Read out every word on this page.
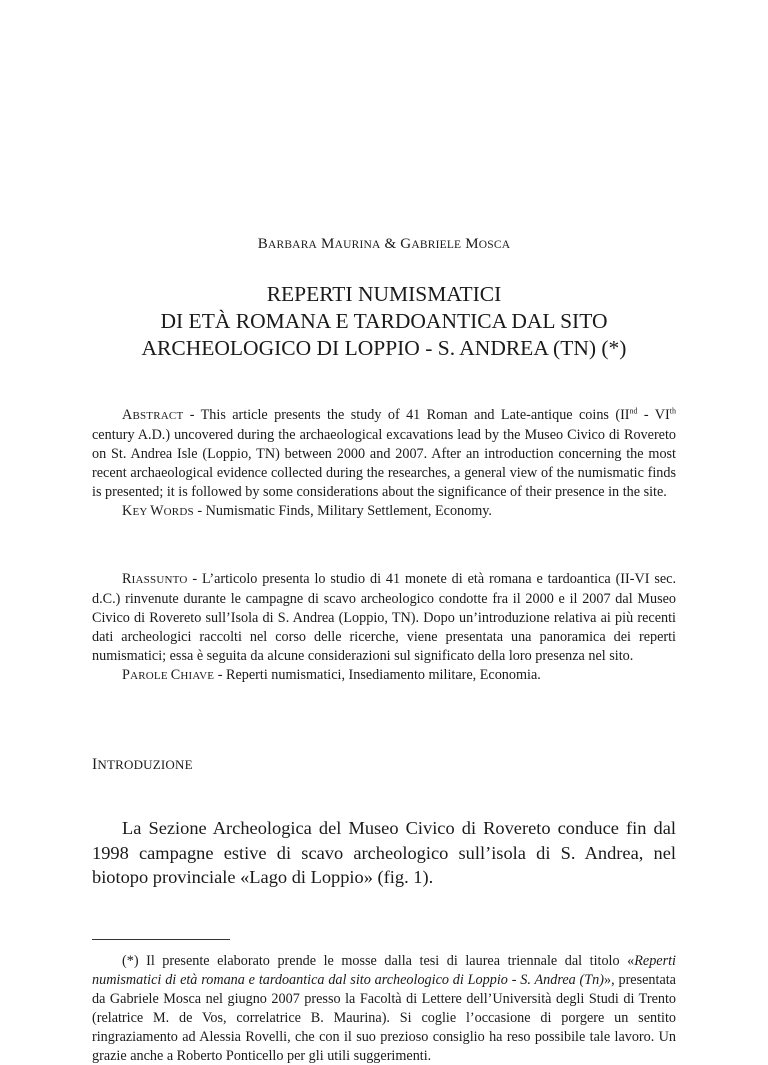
BARBARA MAURINA & GABRIELE MOSCA
REPERTI NUMISMATICI
DI ETÀ ROMANA E TARDOANTICA DAL SITO
ARCHEOLOGICO DI LOPPIO - S. ANDREA (TN) (*)

ABSTRACT - This article presents the study of 41 Roman and Late-antique coins (IInd - VIth century A.D.) uncovered during the archaeological excavations lead by the Museo Civico di Rovereto on St. Andrea Isle (Loppio, TN) between 2000 and 2007. After an introduction concerning the most recent archaeological evidence collected during the researches, a general view of the numismatic finds is presented; it is followed by some considerations about the significance of their presence in the site.

KEY WORDS - Numismatic Finds, Military Settlement, Economy.

RIASSUNTO - L’articolo presenta lo studio di 41 monete di età romana e tardoantica (II-VI sec. d.C.) rinvenute durante le campagne di scavo archeologico condotte fra il 2000 e il 2007 dal Museo Civico di Rovereto sull’Isola di S. Andrea (Loppio, TN). Dopo un’introduzione relativa ai più recenti dati archeologici raccolti nel corso delle ricerche, viene presentata una panoramica dei reperti numismatici; essa è seguita da alcune considerazioni sul significato della loro presenza nel sito.

PAROLE CHIAVE - Reperti numismatici, Insediamento militare, Economia.

INTRODUZIONE

La Sezione Archeologica del Museo Civico di Rovereto conduce fin dal 1998 campagne estive di scavo archeologico sull’isola di S. Andrea, nel biotopo provinciale «Lago di Loppio» (fig. 1).

(*) Il presente elaborato prende le mosse dalla tesi di laurea triennale dal titolo «Reperti numismatici di età romana e tardoantica dal sito archeologico di Loppio - S. Andrea (Tn)», presentata da Gabriele Mosca nel giugno 2007 presso la Facoltà di Lettere dell’Università degli Studi di Trento (relatrice M. de Vos, correlatrice B. Maurina). Si coglie l’occasione di porgere un sentito ringraziamento ad Alessia Rovelli, che con il suo prezioso consiglio ha reso possibile tale lavoro. Un grazie anche a Roberto Ponticello per gli utili suggerimenti.
